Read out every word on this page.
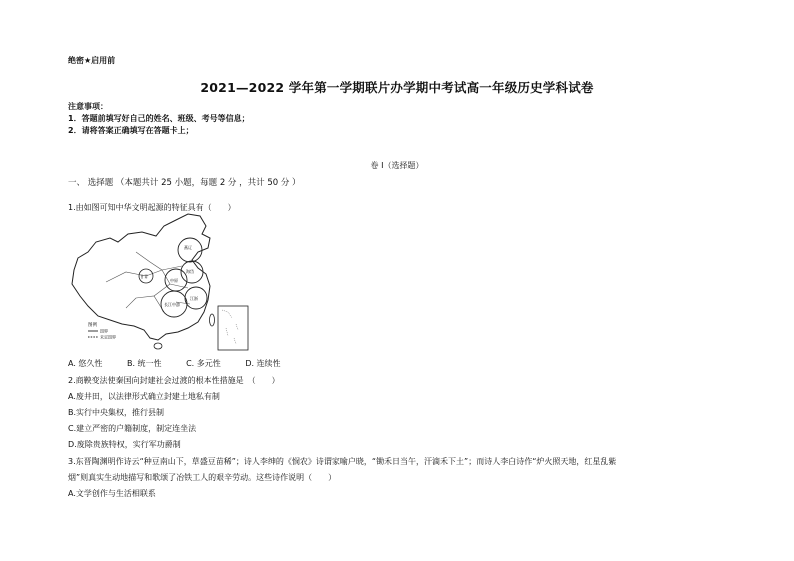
绝密★启用前
2021—2022 学年第一学期联片办学期中考试高一年级历史学科试卷
注意事项：
1．答题前填写好自己的姓名、班级、考号等信息；
2．请将答案正确填写在答题卡上；
卷 I（选择题）
一、 选择题 （本题共计 25 小题，每题 2 分 ，共计 50 分 ）
1.由如图可知中华文明起源的特征具有（　　）
燕辽
甘青
海岱
中原
江浙
长江中游
图例
国界
未定国界
A. 悠久性	B. 统一性	C. 多元性	D. 连续性
2.商鞅变法使秦国向封建社会过渡的根本性措施是　（　　）
A.废井田，以法律形式确立封建土地私有制
B.实行中央集权，推行县制
C.建立严密的户籍制度，制定连坐法
D.废除贵族特权，实行军功爵制
3.东晋陶渊明作诗云“种豆南山下，草盛豆苗稀”；诗人李绅的《悯农》诗谓家喻户晓，“锄禾日当午，汗滴禾下土”；而诗人李白诗作“炉火照天地，红星乱紫
烟”则真实生动地描写和歌颂了冶铁工人的艰辛劳动。这些诗作说明（　　）
A.文学创作与生活相联系
